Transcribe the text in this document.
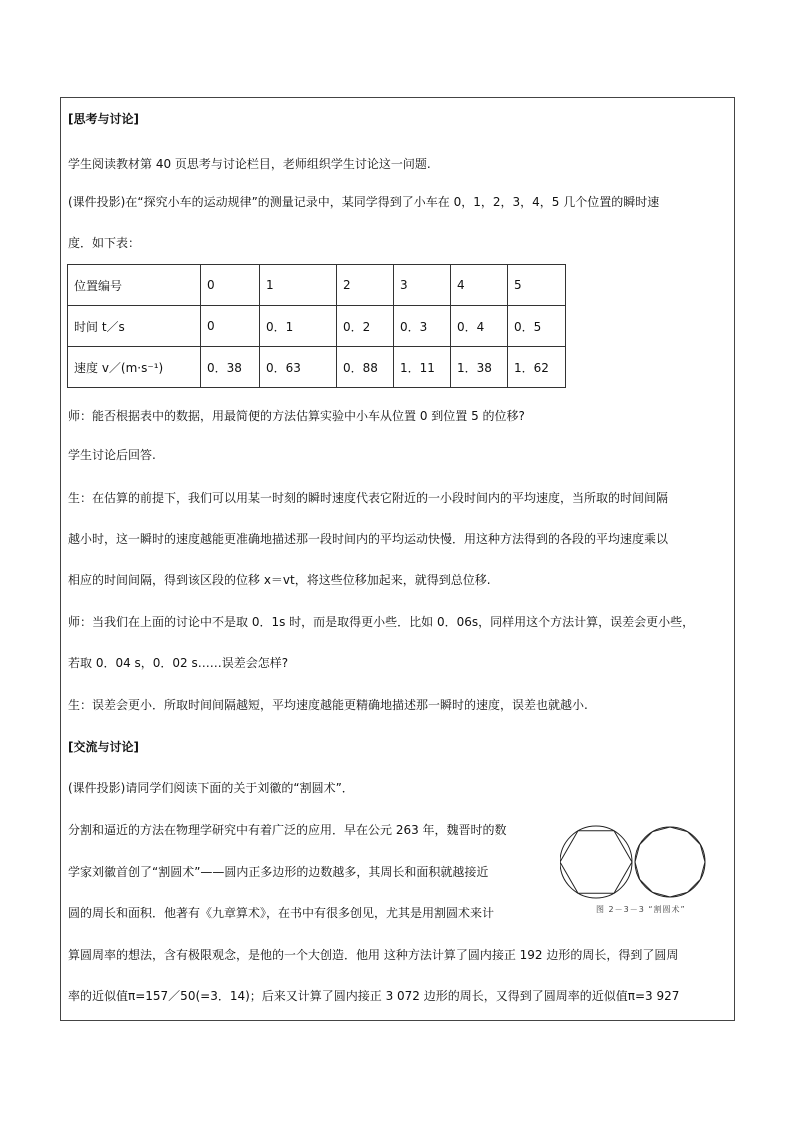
[思考与讨论]
学生阅读教材第 40 页思考与讨论栏目，老师组织学生讨论这一问题.
(课件投影)在“探究小车的运动规律”的测量记录中，某同学得到了小车在 0，1，2，3，4，5 几个位置的瞬时速
度．如下表：
位置编号	0	1	2	3	4	5
时间 t／s	0	0．1	0．2	0．3	0．4	0．5
速度 v／(m·s⁻¹)	0．38	0．63	0．88	1．11	1．38	1．62
师：能否根据表中的数据，用最简便的方法估算实验中小车从位置 0 到位置 5 的位移?
学生讨论后回答.
生：在估算的前提下，我们可以用某一时刻的瞬时速度代表它附近的一小段时间内的平均速度，当所取的时间间隔
越小时，这一瞬时的速度越能更准确地描述那一段时间内的平均运动快慢．用这种方法得到的各段的平均速度乘以
相应的时间间隔，得到该区段的位移 x＝vt，将这些位移加起来，就得到总位移.
师：当我们在上面的讨论中不是取 0．1s 时，而是取得更小些．比如 0．06s，同样用这个方法计算，误差会更小些，
若取 0．04 s，0．02 s……误差会怎样?
生：误差会更小．所取时间间隔越短，平均速度越能更精确地描述那一瞬时的速度，误差也就越小.
[交流与讨论]
(课件投影)请同学们阅读下面的关于刘徽的“割圆术”．
分割和逼近的方法在物理学研究中有着广泛的应用．早在公元 263 年，魏晋时的数
学家刘徽首创了“割圆术”——圆内正多边形的边数越多，其周长和面积就越接近
圆的周长和面积．他著有《九章算术》，在书中有很多创见，尤其是用割圆术来计
算圆周率的想法，含有极限观念，是他的一个大创造．他用 这种方法计算了圆内接正 192 边形的周长，得到了圆周
率的近似值π=157／50(=3．14)；后来又计算了圆内接正 3 072 边形的周长，又得到了圆周率的近似值π=3 927
图 2－3－3 “割圆术”
